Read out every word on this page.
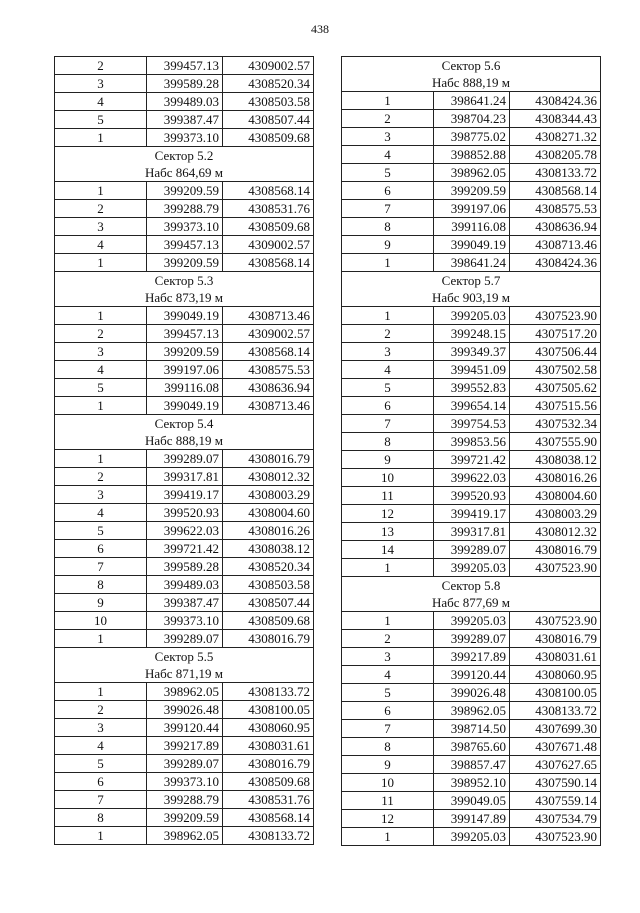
438
2	399457.13	4309002.57
3	399589.28	4308520.34
4	399489.03	4308503.58
5	399387.47	4308507.44
1	399373.10	4308509.68

Сектор 5.2
Набс 864,69 м		

1	399209.59	4308568.14
2	399288.79	4308531.76
3	399373.10	4308509.68
4	399457.13	4309002.57
1	399209.59	4308568.14

Сектор 5.3
Набс 873,19 м		

1	399049.19	4308713.46
2	399457.13	4309002.57
3	399209.59	4308568.14
4	399197.06	4308575.53
5	399116.08	4308636.94
1	399049.19	4308713.46

Сектор 5.4
Набс 888,19 м		

1	399289.07	4308016.79
2	399317.81	4308012.32
3	399419.17	4308003.29
4	399520.93	4308004.60
5	399622.03	4308016.26
6	399721.42	4308038.12
7	399589.28	4308520.34
8	399489.03	4308503.58
9	399387.47	4308507.44
10	399373.10	4308509.68
1	399289.07	4308016.79

Сектор 5.5
Набс 871,19 м		

1	398962.05	4308133.72
2	399026.48	4308100.05
3	399120.44	4308060.95
4	399217.89	4308031.61
5	399289.07	4308016.79
6	399373.10	4308509.68
7	399288.79	4308531.76
8	399209.59	4308568.14
1	398962.05	4308133.72
Сектор 5.6
Набс 888,19 м		

1	398641.24	4308424.36
2	398704.23	4308344.43
3	398775.02	4308271.32
4	398852.88	4308205.78
5	398962.05	4308133.72
6	399209.59	4308568.14
7	399197.06	4308575.53
8	399116.08	4308636.94
9	399049.19	4308713.46
1	398641.24	4308424.36

Сектор 5.7
Набс 903,19 м		

1	399205.03	4307523.90
2	399248.15	4307517.20
3	399349.37	4307506.44
4	399451.09	4307502.58
5	399552.83	4307505.62
6	399654.14	4307515.56
7	399754.53	4307532.34
8	399853.56	4307555.90
9	399721.42	4308038.12
10	399622.03	4308016.26
11	399520.93	4308004.60
12	399419.17	4308003.29
13	399317.81	4308012.32
14	399289.07	4308016.79
1	399205.03	4307523.90

Сектор 5.8
Набс 877,69 м		

1	399205.03	4307523.90
2	399289.07	4308016.79
3	399217.89	4308031.61
4	399120.44	4308060.95
5	399026.48	4308100.05
6	398962.05	4308133.72
7	398714.50	4307699.30
8	398765.60	4307671.48
9	398857.47	4307627.65
10	398952.10	4307590.14
11	399049.05	4307559.14
12	399147.89	4307534.79
1	399205.03	4307523.90
